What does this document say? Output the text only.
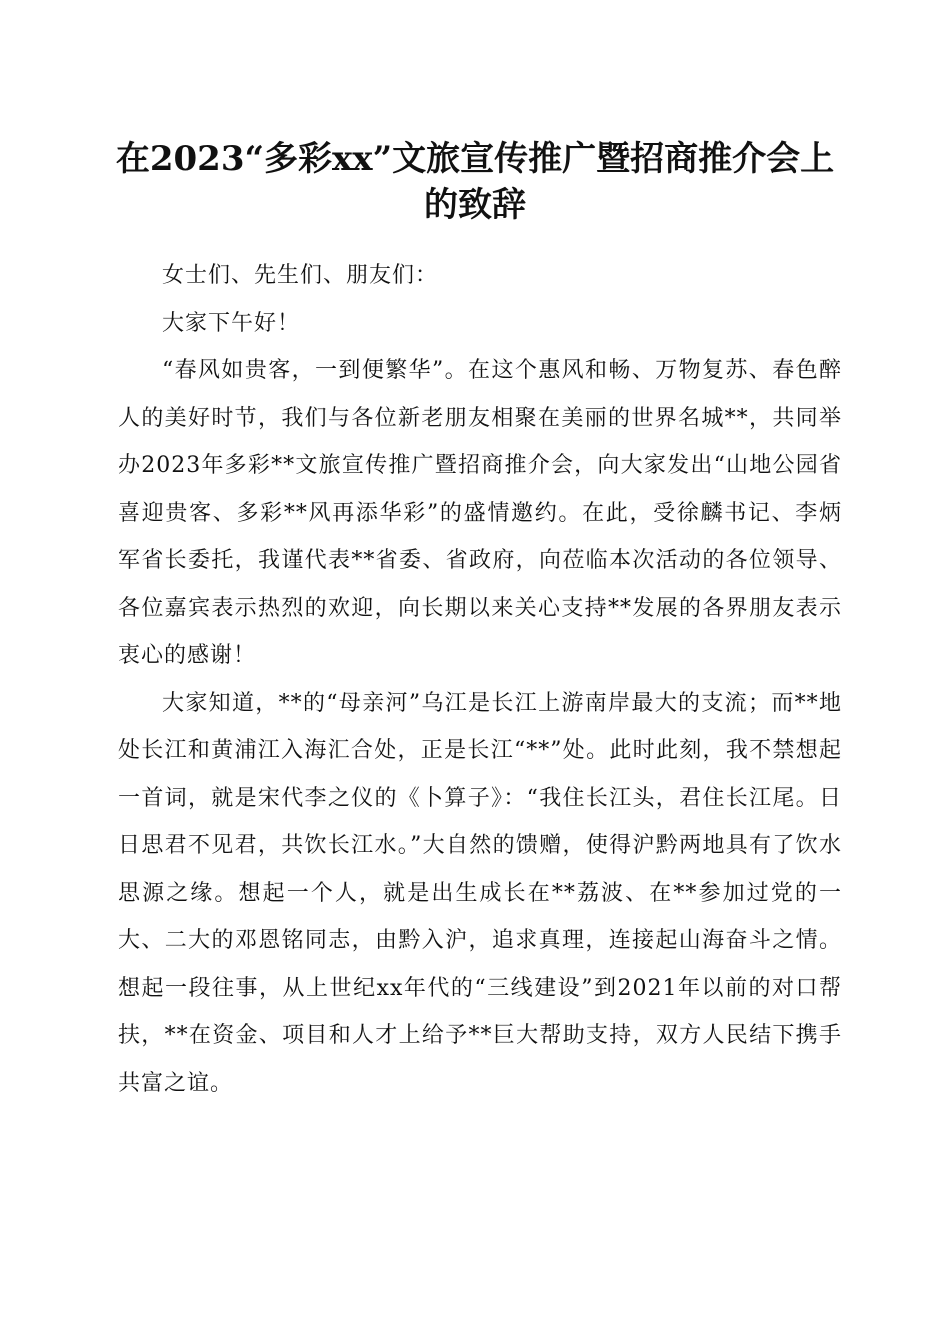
在2023“多彩xx”文旅宣传推广暨招商推介会上的致辞

女士们、先生们、朋友们：

大家下午好！

“春风如贵客，一到便繁华”。在这个惠风和畅、万物复苏、春色醉人的美好时节，我们与各位新老朋友相聚在美丽的世界名城**，共同举办2023年多彩**文旅宣传推广暨招商推介会，向大家发出“山地公园省喜迎贵客、多彩**风再添华彩”的盛情邀约。在此，受徐麟书记、李炳军省长委托，我谨代表**省委、省政府，向莅临本次活动的各位领导、各位嘉宾表示热烈的欢迎，向长期以来关心支持**发展的各界朋友表示衷心的感谢！

大家知道，**的“母亲河”乌江是长江上游南岸最大的支流；而**地处长江和黄浦江入海汇合处，正是长江“**”处。此时此刻，我不禁想起一首词，就是宋代李之仪的《卜算子》：“我住长江头，君住长江尾。日日思君不见君，共饮长江水。”大自然的馈赠，使得沪黔两地具有了饮水思源之缘。想起一个人，就是出生成长在**荔波、在**参加过党的一大、二大的邓恩铭同志，由黔入沪，追求真理，连接起山海奋斗之情。想起一段往事，从上世纪xx年代的“三线建设”到2021年以前的对口帮扶，**在资金、项目和人才上给予**巨大帮助支持，双方人民结下携手共富之谊。
